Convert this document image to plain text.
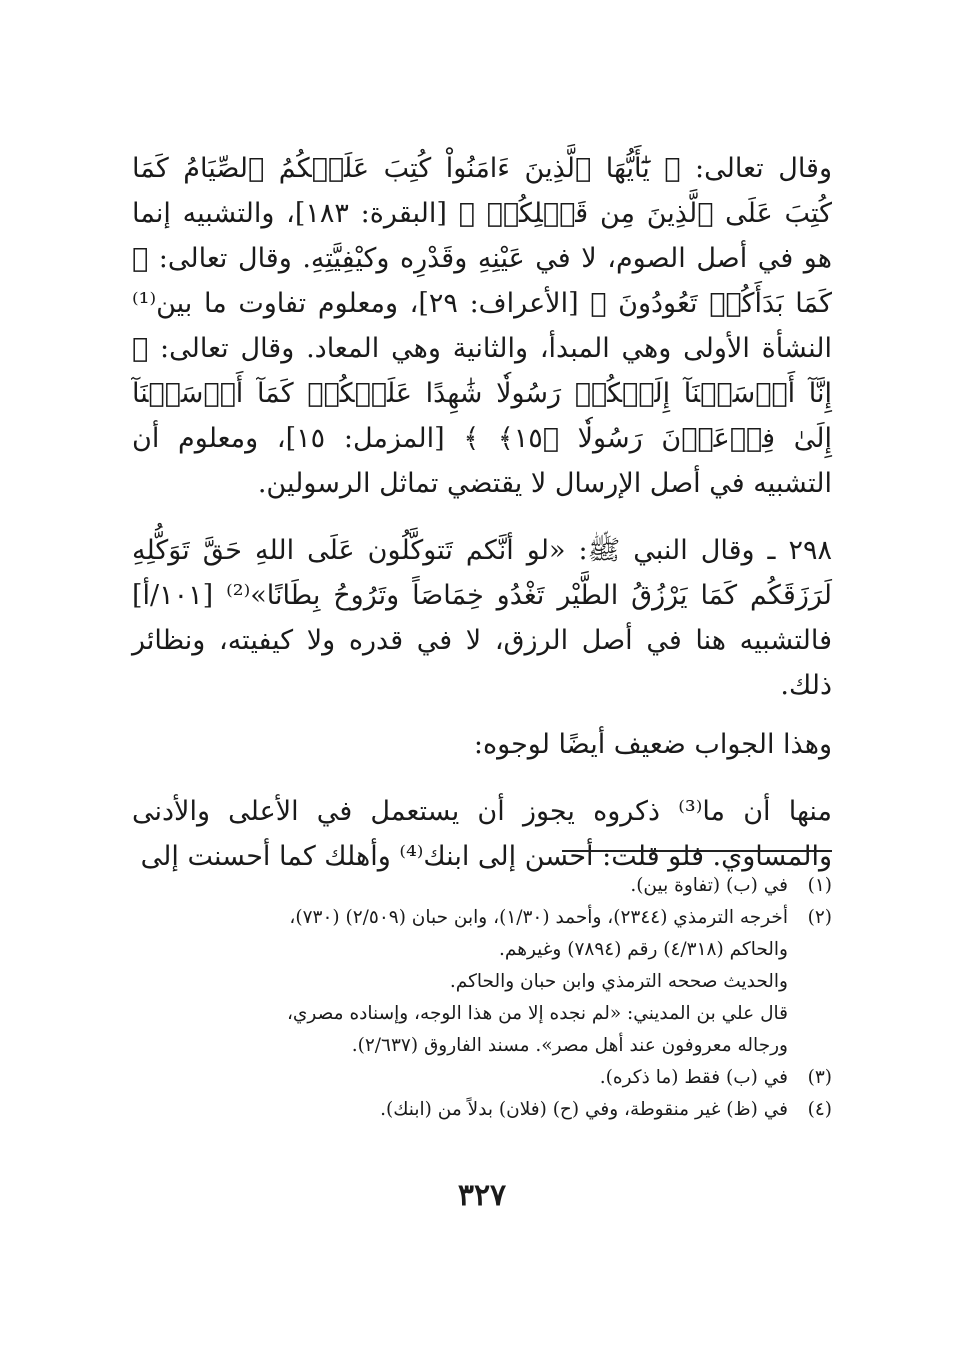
وقال تعالى: ﴿ يَٰٓأَيُّهَا ٱلَّذِينَ ءَامَنُواْ كُتِبَ عَلَيۡكُمُ ٱلصِّيَامُ كَمَا كُتِبَ عَلَى ٱلَّذِينَ مِن قَبۡلِكُمۡ ﴾ [البقرة: ١٨٣]، والتشبيه إنما هو في أصل الصوم، لا في عَيْنِهِ وقَدْرِه وكيْفِيَّتِهِ. وقال تعالى: ﴿ كَمَا بَدَأَكُمۡ تَعُودُونَ ﴾ [الأعراف: ٢٩]، ومعلوم تفاوت ما بين⁽¹⁾ النشأة الأولى وهي المبدأ، والثانية وهي المعاد. وقال تعالى: ﴿ إِنَّآ أَرۡسَلۡنَآ إِلَيۡكُمۡ رَسُولٗا شَٰهِدًا عَلَيۡكُمۡ كَمَآ أَرۡسَلۡنَآ إِلَىٰ فِرۡعَوۡنَ رَسُولٗا ﴿١٥﴾ ﴾ [المزمل: ١٥]، ومعلوم أن التشبيه في أصل الإرسال لا يقتضي تماثل الرسولين.

٢٩٨ ـ وقال النبي ﷺ: «لو أنَّكم تَتوكَّلُون عَلَى اللهِ حَقَّ تَوَكُّلِهِ لَرَزَقَكُم كَمَا يَرْزُقُ الطَّيْر تَغْدُو خِمَاصَاً وتَرُوحُ بِطَانًا»⁽²⁾ [١٠١/أ] فالتشبيه هنا في أصل الرزق، لا في قدره ولا كيفيته، ونظائر ذلك.

وهذا الجواب ضعيف أيضًا لوجوه:

منها أن ما⁽³⁾ ذكروه يجوز أن يستعمل في الأعلى والأدنى والمساوي. فلو قلت: أحسن إلى ابنك⁽⁴⁾ وأهلك كما أحسنت إلى

(١)
في (ب) (تفاوة بين).
(٢)
أخرجه الترمذي (٢٣٤٤)، وأحمد (١/٣٠)، وابن حبان (٢/٥٠٩) (٧٣٠)،
والحاكم (٤/٣١٨) رقم (٧٨٩٤) وغيرهم.
والحديث صححه الترمذي وابن حبان والحاكم.
قال علي بن المديني: «لم نجده إلا من هذا الوجه، وإسناده مصري،
ورجاله معروفون عند أهل مصر». مسند الفاروق (٢/٦٣٧).
(٣)
في (ب) فقط (ما ذكره).
(٤)
في (ظ) غير منقوطة، وفي (ح) (فلان) بدلاً من (ابنك).
٣٢٧
